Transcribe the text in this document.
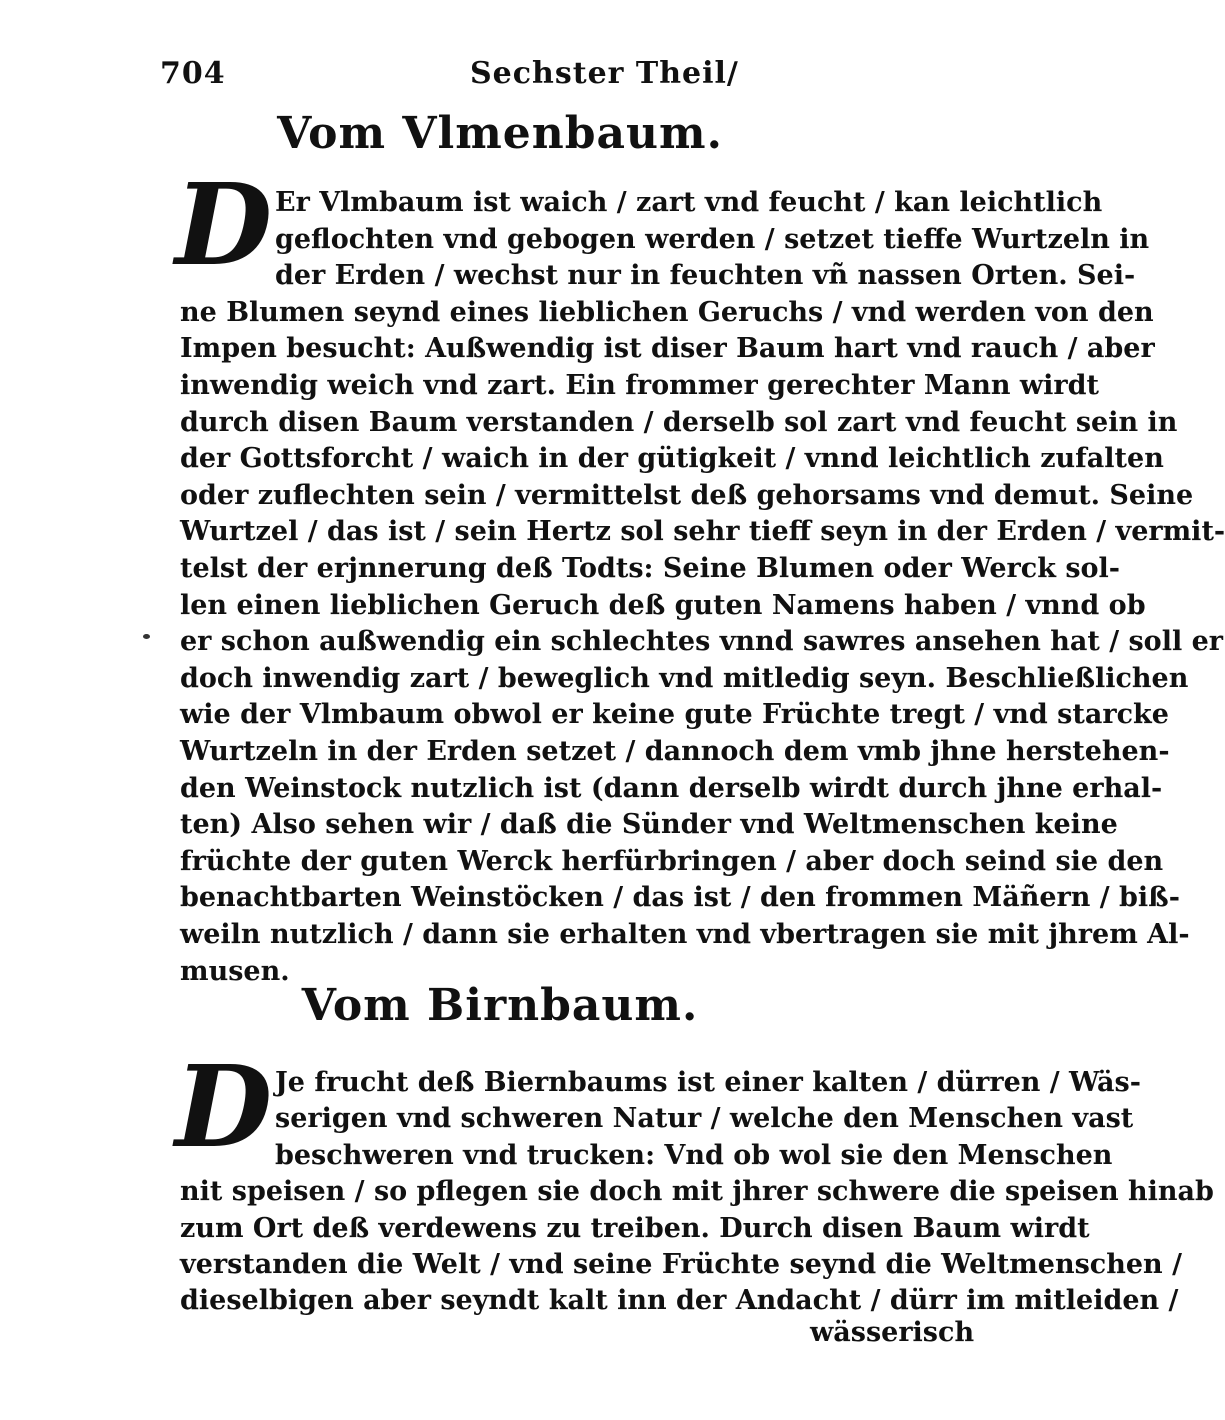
704	Sechster Theil/
Vom Vlmenbaum.
D Er Vlmbaum ist waich / zart vnd feucht / kan leichtlich
geflochten vnd gebogen werden / setzet tieffe Wurtzeln in
der Erden / wechst nur in feuchten vñ nassen Orten. Sei-
ne Blumen seynd eines lieblichen Geruchs / vnd werden von den
Impen besucht: Außwendig ist diser Baum hart vnd rauch / aber
inwendig weich vnd zart. Ein frommer gerechter Mann wirdt
durch disen Baum verstanden / derselb sol zart vnd feucht sein in
der Gottsforcht / waich in der gütigkeit / vnnd leichtlich zufalten
oder zuflechten sein / vermittelst deß gehorsams vnd demut. Seine
Wurtzel / das ist / sein Hertz sol sehr tieff seyn in der Erden / vermit-
telst der erjnnerung deß Todts: Seine Blumen oder Werck sol-
len einen lieblichen Geruch deß guten Namens haben / vnnd ob
er schon außwendig ein schlechtes vnnd sawres ansehen hat / soll er
doch inwendig zart / beweglich vnd mitledig seyn. Beschließlichen
wie der Vlmbaum obwol er keine gute Früchte tregt / vnd starcke
Wurtzeln in der Erden setzet / dannoch dem vmb jhne herstehen-
den Weinstock nutzlich ist (dann derselb wirdt durch jhne erhal-
ten) Also sehen wir / daß die Sünder vnd Weltmenschen keine
früchte der guten Werck herfürbringen / aber doch seind sie den
benachtbarten Weinstöcken / das ist / den frommen Mäñern / biß-
weiln nutzlich / dann sie erhalten vnd vbertragen sie mit jhrem Al-
musen.
Vom Birnbaum.
D Je frucht deß Biernbaums ist einer kalten / dürren / Wäs-
serigen vnd schweren Natur / welche den Menschen vast
beschweren vnd trucken: Vnd ob wol sie den Menschen
nit speisen / so pflegen sie doch mit jhrer schwere die speisen hinab
zum Ort deß verdewens zu treiben. Durch disen Baum wirdt
verstanden die Welt / vnd seine Früchte seynd die Weltmenschen /
dieselbigen aber seyndt kalt inn der Andacht / dürr im mitleiden /
wässerisch
